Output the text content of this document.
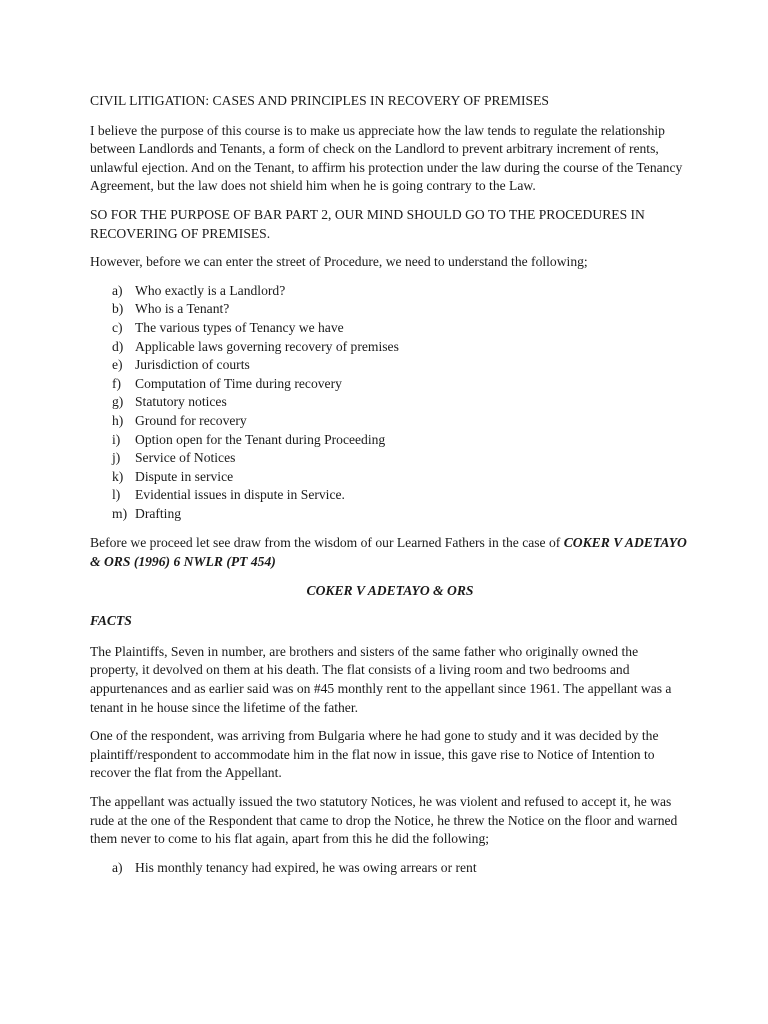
CIVIL LITIGATION: CASES AND PRINCIPLES IN RECOVERY OF PREMISES

I believe the purpose of this course is to make us appreciate how the law tends to regulate the relationship between Landlords and Tenants, a form of check on the Landlord to prevent arbitrary increment of rents, unlawful ejection. And on the Tenant, to affirm his protection under the law during the course of the Tenancy Agreement, but the law does not shield him when he is going contrary to the Law.

SO FOR THE PURPOSE OF BAR PART 2, OUR MIND SHOULD GO TO THE PROCEDURES IN RECOVERING OF PREMISES.

However, before we can enter the street of Procedure, we need to understand the following;

a) Who exactly is a Landlord?
b) Who is a Tenant?
c) The various types of Tenancy we have
d) Applicable laws governing recovery of premises
e) Jurisdiction of courts
f)	Computation of Time during recovery
g) Statutory notices
h) Ground for recovery
i)	Option open for the Tenant during Proceeding
j)	Service of Notices
k) Dispute in service
l)	Evidential issues in dispute in Service.
m) Drafting

Before we proceed let see draw from the wisdom of our Learned Fathers in the case of COKER V ADETAYO & ORS (1996) 6 NWLR (PT 454)

COKER V ADETAYO & ORS

FACTS

The Plaintiffs, Seven in number, are brothers and sisters of the same father who originally owned the property, it devolved on them at his death. The flat consists of a living room and two bedrooms and appurtenances and as earlier said was on #45 monthly rent to the appellant since 1961. The appellant was a tenant in he house since the lifetime of the father.

One of the respondent, was arriving from Bulgaria where he had gone to study and it was decided by the plaintiff/respondent to accommodate him in the flat now in issue, this gave rise to Notice of Intention to recover the flat from the Appellant.

The appellant was actually issued the two statutory Notices, he was violent and refused to accept it, he was rude at the one of the Respondent that came to drop the Notice, he threw the Notice on the floor and warned them never to come to his flat again, apart from this he did the following;

a) His monthly tenancy had expired, he was owing arrears or rent
